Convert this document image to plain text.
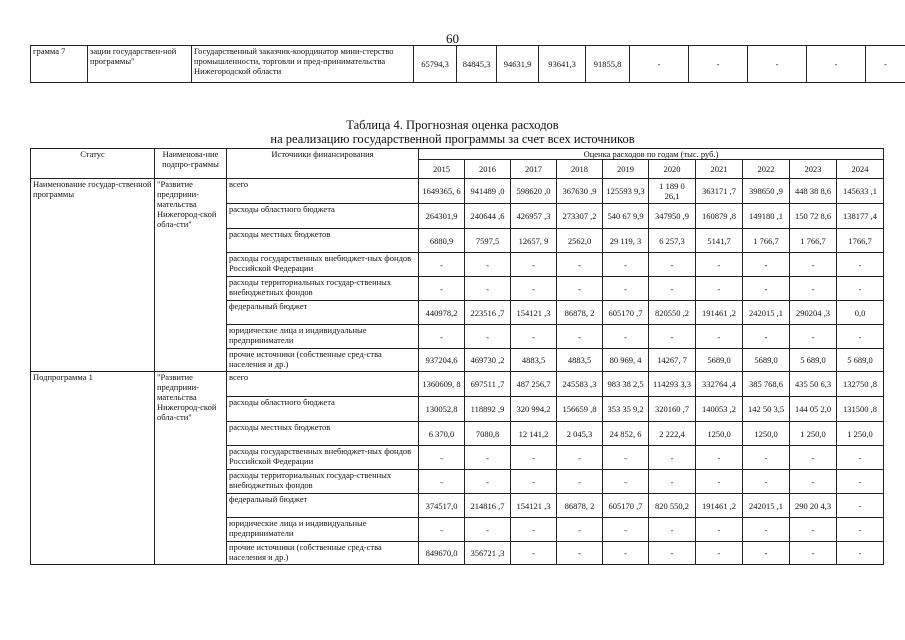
60
грамма 7	зации государствен-ной программы"	Государственный заказчик-координатор мини-стерство промышленности, торговли и пред-принимательства Нижегородской области	65794,3	84845,3	94631,9	93641,3	91855,8	-	-	-	-	-
Таблица 4. Прогнозная оценка расходов
на реализацию государственной программы за счет всех источников
Статус	Наименова-ние подпро-граммы	Источники финансирования	Оценка расходов по годам (тыс. руб.)									
			2015	2016	2017	2018	2019	2020	2021	2022	2023	2024
Наименование государ-ственной программы	"Развитие предприни-мательства Нижегород-ской обла-сти"	всего	1649365, 6	941489 ,0	598620 ,0	367630 ,9	125593 9,3	1 189 0 26,1	363171 ,7	398650 ,9	448 38 8,6	145633 ,1
		расходы областного бюджета	264301,9	240644 ,6	426957 ,3	273307 ,2	540 67 9,9	347950 ,9	160879 ,8	149180 ,1	150 72 8,6	138177 ,4
		расходы местных бюджетов	6880,9	7597,5	12657, 9	2562,0	29 119, 3	6 257,3	5141,7	1 766,7	1 766,7	1766,7
		расходы государственных внебюджет-ных фондов Российской Федерации	-	-	-	-	-	-	-	-	-	-
		расходы территориальных государ-ственных внебюджетных фондов	-	-	-	-	-	-	-	-	-	-
		федеральный бюджет	440978,2	223516 ,7	154121 ,3	86878, 2	605170 ,7	820550 ,2	191461 ,2	242015 ,1	290204 ,3	0,0
		юридические лица и индивидуальные предприниматели	-	-	-	-	-	-	-	-	-	-
		прочие источники (собственные сред-ства населения и др.)	937204,6	469730 ,2	4883,5	4883,5	80 969, 4	14267, 7	5689,0	5689,0	5 689,0	5 689,0
Подпрограмма 1	"Развитие предприни-мательства Нижегород-ской обла-сти"	всего	1360609, 8	697511 ,7	487 256,7	245583 ,3	983 38 2,5	114293 3,3	332764 ,4	385 768,6	435 50 6,3	132750 ,8
		расходы областного бюджета	130052,8	118892 ,9	320 994,2	156659 ,8	353 35 9,2	320160 ,7	140053 ,2	142 50 3,5	144 05 2,0	131500 ,8
		расходы местных бюджетов	6 370,0	7080,8	12 141,2	2 045,3	24 852, 6	2 222,4	1250,0	1250,0	1 250,0	1 250,0
		расходы государственных внебюджет-ных фондов Российской Федерации	-	-	-	-	-	-	-	-	-	-
		расходы территориальных государ-ственных внебюджетных фондов	-	-	-	-	-	-	-	-	-	-
		федеральный бюджет	374517,0	214816 ,7	154121 ,3	86878, 2	605170 ,7	820 550,2	191461 ,2	242015 ,1	290 20 4,3	-
		юридические лица и индивидуальные предприниматели	-	-	-	-	-	-	-	-	-	-
		прочие источники (собственные сред-ства населения и др.)	849670,0	356721 ,3	-	-	-	-	-	-	-	-
